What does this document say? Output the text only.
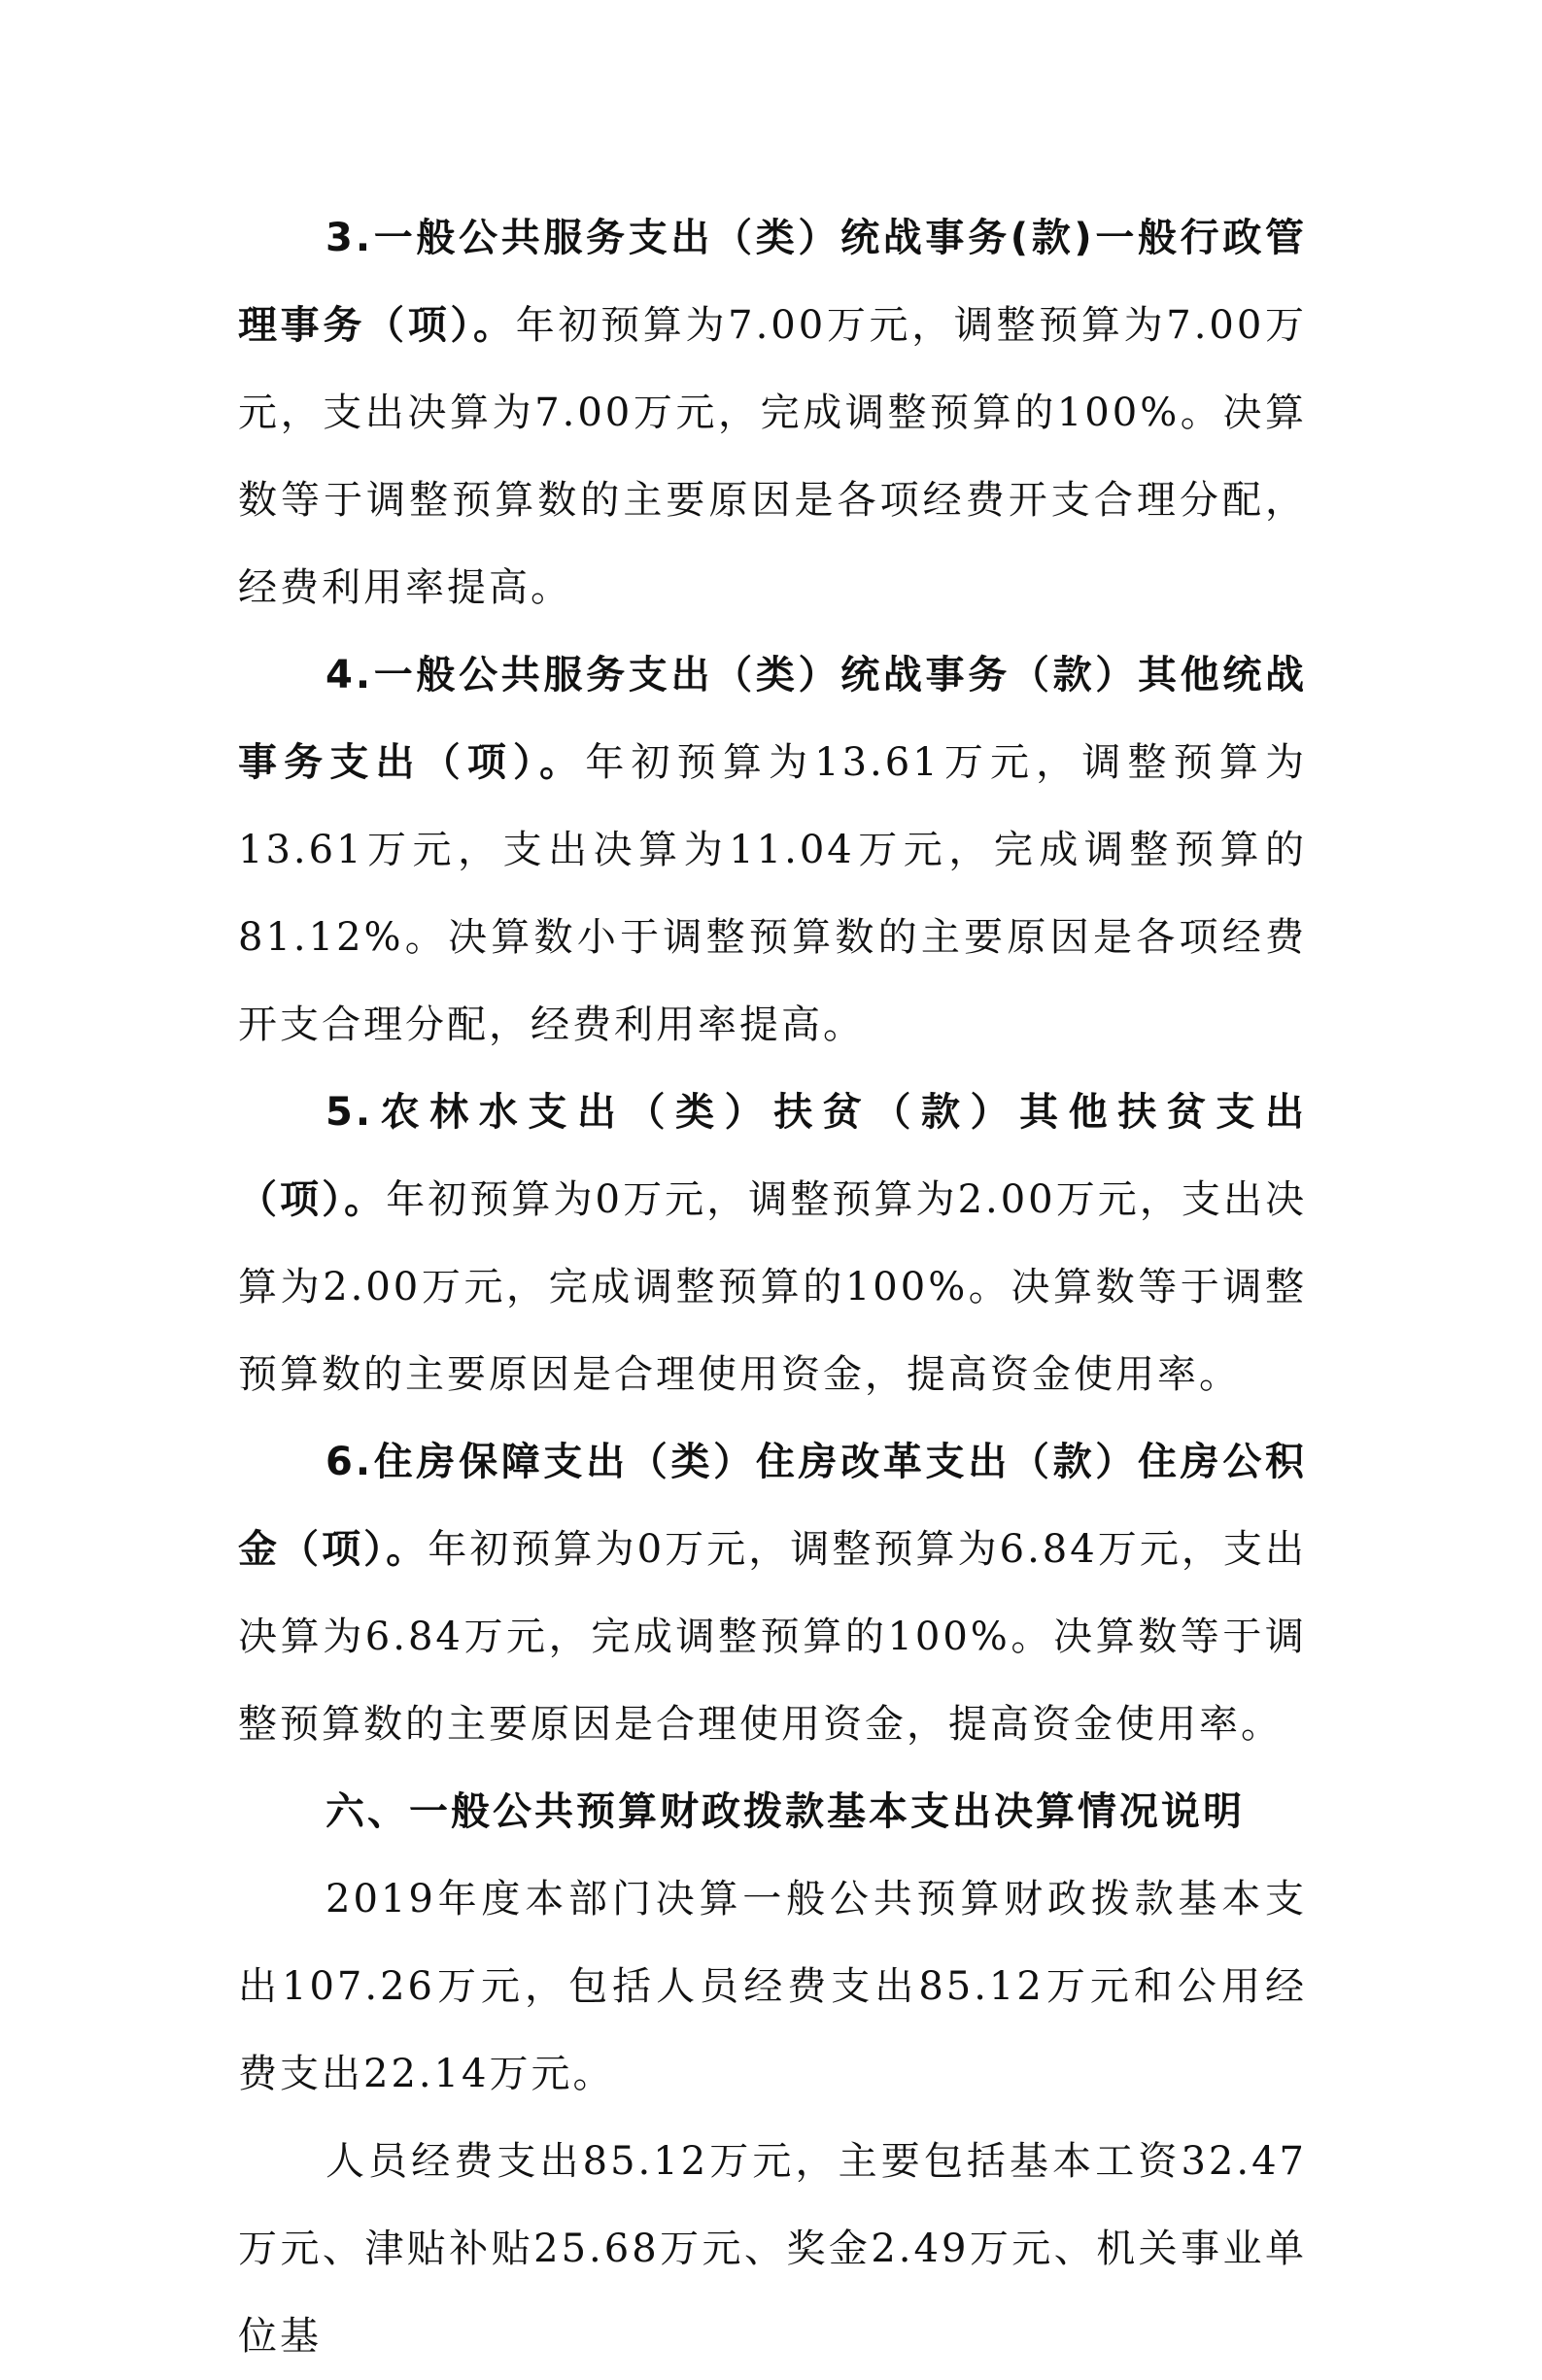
3.一般公共服务支出（类）统战事务(款)一般行政管理事务（项）。年初预算为7.00万元，调整预算为7.00万元，支出决算为7.00万元，完成调整预算的100%。决算数等于调整预算数的主要原因是各项经费开支合理分配，经费利用率提高。

4.一般公共服务支出（类）统战事务（款）其他统战事务支出（项）。年初预算为13.61万元，调整预算为13.61万元，支出决算为11.04万元，完成调整预算的81.12%。决算数小于调整预算数的主要原因是各项经费开支合理分配，经费利用率提高。

5.农林水支出（类）扶贫（款）其他扶贫支出（项）。年初预算为0万元，调整预算为2.00万元，支出决算为2.00万元，完成调整预算的100%。决算数等于调整预算数的主要原因是合理使用资金，提高资金使用率。

6.住房保障支出（类）住房改革支出（款）住房公积金（项）。年初预算为0万元，调整预算为6.84万元，支出决算为6.84万元，完成调整预算的100%。决算数等于调整预算数的主要原因是合理使用资金，提高资金使用率。

六、一般公共预算财政拨款基本支出决算情况说明

2019年度本部门决算一般公共预算财政拨款基本支出107.26万元，包括人员经费支出85.12万元和公用经费支出22.14万元。

人员经费支出85.12万元，主要包括基本工资32.47万元、津贴补贴25.68万元、奖金2.49万元、机关事业单位基
